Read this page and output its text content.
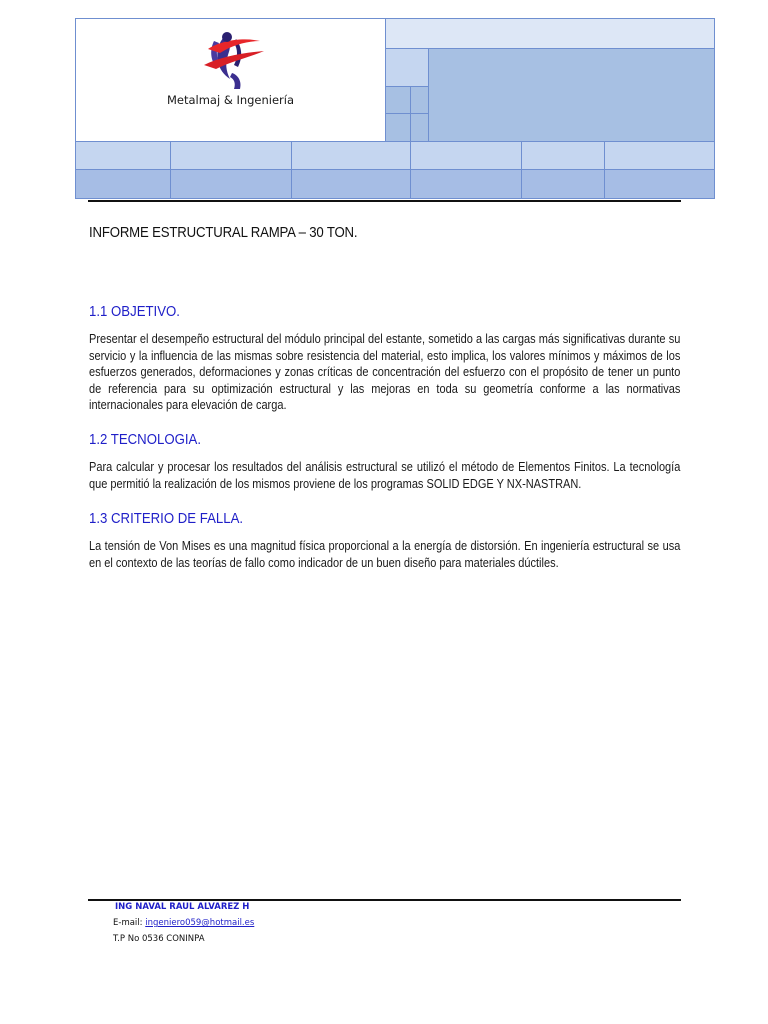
Metalmaj & Ingeniería							

INFORME ESTRUCTURAL RAMPA – 30 TON.
1.1 OBJETIVO.

Presentar el desempeño estructural del módulo principal del estante, sometido a las cargas más significativas durante su servicio y la influencia de las mismas sobre resistencia del material, esto implica, los valores mínimos y máximos de los esfuerzos generados, deformaciones y zonas críticas de concentración del esfuerzo con el propósito de tener un punto de referencia para su optimización estructural y las mejoras en toda su geometría conforme a las normativas internacionales para elevación de carga.

1.2 TECNOLOGIA.

Para calcular y procesar los resultados del análisis estructural se utilizó el método de Elementos Finitos. La tecnología que permitió la realización de los mismos proviene de los programas SOLID EDGE Y NX-NASTRAN.

1.3 CRITERIO DE FALLA.

La tensión de Von Mises es una magnitud física proporcional a la energía de distorsión. En ingeniería estructural se usa en el contexto de las teorías de fallo como indicador de un buen diseño para materiales dúctiles.

ING NAVAL RAUL ALVAREZ H
E-mail: ingeniero059@hotmail.es
T.P No 0536 CONINPA
